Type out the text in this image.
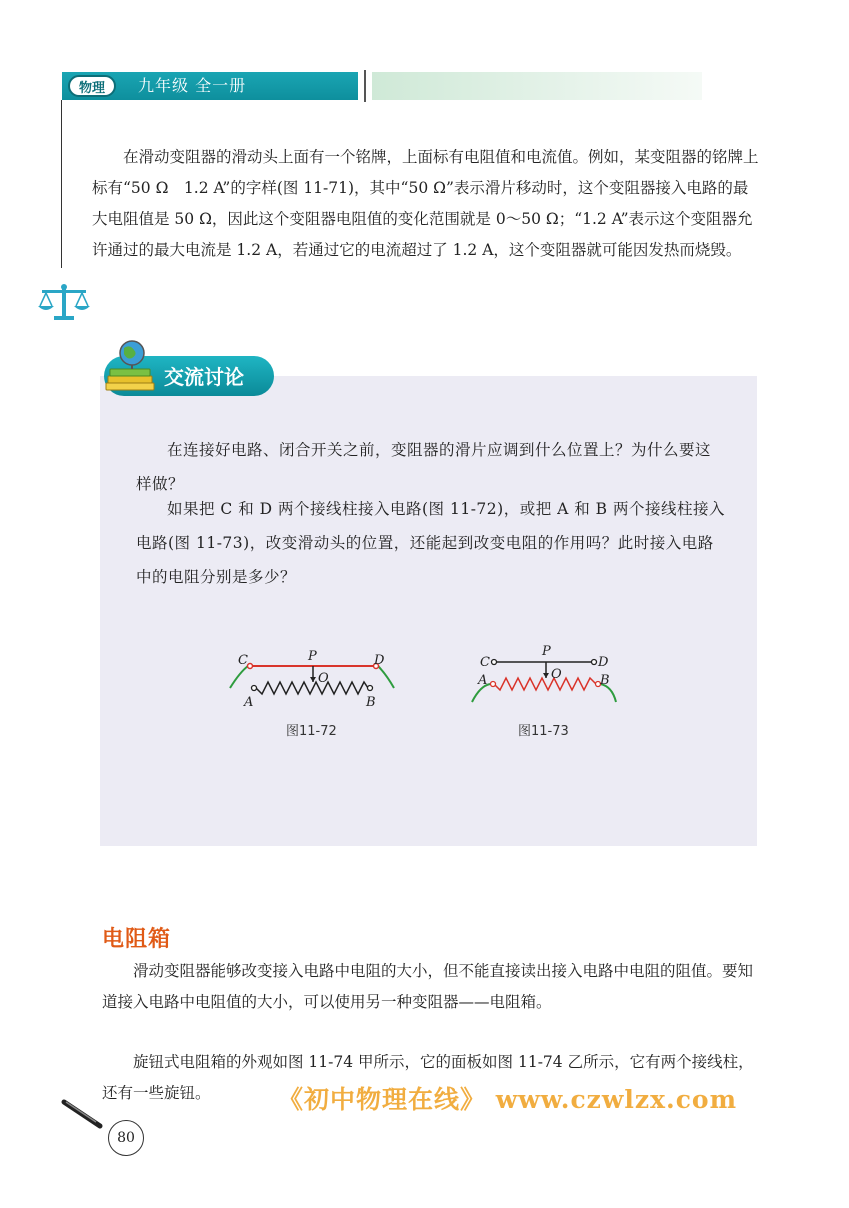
物理	九年级 全一册
在滑动变阻器的滑动头上面有一个铭牌，上面标有电阻值和电流值。例如，某变阻器的铭牌上标有“50 Ω　1.2 A”的字样(图 11-71)，其中“50 Ω”表示滑片移动时，这个变阻器接入电路的最大电阻值是 50 Ω，因此这个变阻器电阻值的变化范围就是 0～50 Ω；“1.2 A”表示这个变阻器允许通过的最大电流是 1.2 A，若通过它的电流超过了 1.2 A，这个变阻器就可能因发热而烧毁。
交流讨论
在连接好电路、闭合开关之前，变阻器的滑片应调到什么位置上？为什么要这样做？
如果把 C 和 D 两个接线柱接入电路(图 11-72)，或把 A 和 B 两个接线柱接入电路(图 11-73)，改变滑动头的位置，还能起到改变电阻的作用吗？此时接入电路中的电阻分别是多少？
C	P	D
O
A	B
图11-72
C
P
D
O
A	B
图11-73
电阻箱
滑动变阻器能够改变接入电路中电阻的大小，但不能直接读出接入电路中电阻的阻值。要知道接入电路中电阻值的大小，可以使用另一种变阻器——电阻箱。
旋钮式电阻箱的外观如图 11-74 甲所示，它的面板如图 11-74 乙所示，它有两个接线柱，还有一些旋钮。	《初中物理在线》 www.czwlzx.com
80
